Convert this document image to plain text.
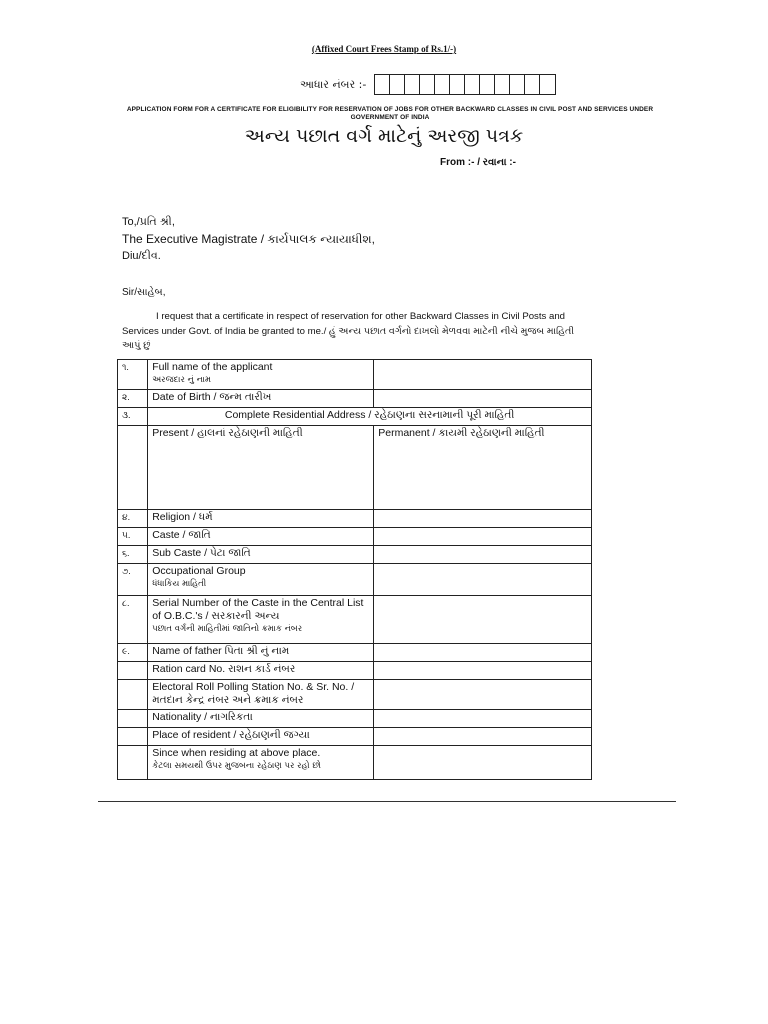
(Affixed Court Frees Stamp of Rs.1/-)
આધાર નંબર :-
APPLICATION FORM FOR A CERTIFICATE FOR ELIGIBILITY FOR RESERVATION OF JOBS FOR OTHER BACKWARD CLASSES IN CIVIL POST AND SERVICES UNDER GOVERNMENT OF INDIA
અન્ય પછાત વર્ગ માટેનું અરજી પત્રક
From :- / રવાના :-
To,/પ્રતિ શ્રી,
The Executive Magistrate / કાર્યપાલક ન્યાયાધીશ,
Diu/દીવ.
Sir/સાહેબ,
I request that a certificate in respect of reservation for other Backward Classes in Civil Posts and Services under Govt. of India be granted to me./ હું અન્ય પછાત વર્ગનો દાખલો મેળવવા માટેની નીચે મુજબ માહિતી આપું છું
૧.	Full name of the applicant
અરજદાર નું નામ	

૨.	Date of Birth / જન્મ તારીખ	
૩.	Complete Residential Address / રહેઠાણના સરનામાની પૂરી માહિતી	
	Present / હાલનાં રહેઠાણની માહિતી	Permanent / કાયમી રહેઠાણની માહિતી
૪.	Religion / ધર્મ	
૫.	Caste / જાતિ	
૬.	Sub Caste / પેટા જાતિ	
૭.	Occupational Group
ધંધાકિય માહિતી	

૮.	Serial Number of the Caste in the Central List of O.B.C.'s / સરકારની અન્ય
પછાત વર્ગની માહિતીમાં જાતિનો ક્રમાક નંબર	

૯.	Name of father પિતા શ્રી નું નામ	
	Ration card No. રાશન કાર્ડ નંબર	
	Electoral Roll Polling Station No. & Sr. No. / મતદાન કેન્દ્ર નંબર અને ક્રમાક નંબર	
	Nationality / નાગરિકતા	
	Place of resident / રહેઠાણની જગ્યા	
	Since when residing at above place.
કેટલા સમયથી ઉપર મુજબના રહેઠાણ પર રહો છો	
